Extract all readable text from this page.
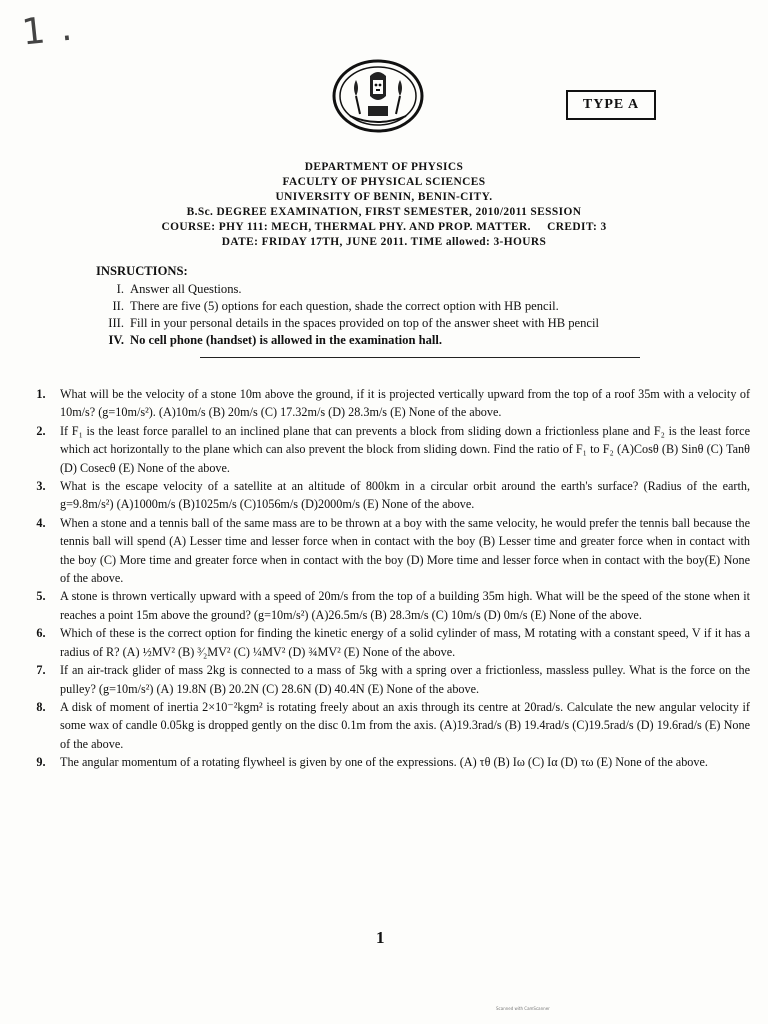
1 .
TYPE A
DEPARTMENT OF PHYSICS
FACULTY OF PHYSICAL SCIENCES
UNIVERSITY OF BENIN, BENIN-CITY.
B.Sc. DEGREE EXAMINATION, FIRST SEMESTER, 2010/2011 SESSION
COURSE: PHY 111: MECH, THERMAL PHY. AND PROP. MATTER.     CREDIT: 3
DATE: FRIDAY 17TH, JUNE 2011. TIME allowed: 3-HOURS
INSRUCTIONS:
I. Answer all Questions.
II. There are five (5) options for each question, shade the correct option with HB pencil.
III. Fill in your personal details in the spaces provided on top of the answer sheet with HB pencil
IV. No cell phone (handset) is allowed in the examination hall.
1.	What will be the velocity of a stone 10m above the ground, if it is projected vertically upward from the top of a roof 35m with a velocity of 10m/s? (g=10m/s²). (A)10m/s (B) 20m/s (C) 17.32m/s (D) 28.3m/s (E) None of the above.
2.	If F₁ is the least force parallel to an inclined plane that can prevents a block from sliding down a frictionless plane and F₂ is the least force which act horizontally to the plane which can also prevent the block from sliding down. Find the ratio of F₁ to F₂ (A)Cosθ (B) Sinθ (C) Tanθ (D) Cosecθ (E) None of the above.
3.	What is the escape velocity of a satellite at an altitude of 800km in a circular orbit around the earth's surface? (Radius of the earth, g=9.8m/s²) (A)1000m/s (B)1025m/s (C)1056m/s (D)2000m/s (E) None of the above.
4.	When a stone and a tennis ball of the same mass are to be thrown at a boy with the same velocity, he would prefer the tennis ball because the tennis ball will spend (A) Lesser time and lesser force when in contact with the boy (B) Lesser time and greater force when in contact with the boy (C) More time and greater force when in contact with the boy (D) More time and lesser force when in contact with the boy(E) None of the above.
5.	A stone is thrown vertically upward with a speed of 20m/s from the top of a building 35m high. What will be the speed of the stone when it reaches a point 15m above the ground? (g=10m/s²) (A)26.5m/s (B) 28.3m/s (C) 10m/s (D) 0m/s (E) None of the above.
6.	Which of these is the correct option for finding the kinetic energy of a solid cylinder of mass, M rotating with a constant speed, V if it has a radius of R? (A) ½MV² (B) ³⁄₂MV² (C) ¼MV² (D) ¾MV² (E) None of the above.
7.	If an air-track glider of mass 2kg is connected to a mass of 5kg with a spring over a frictionless, massless pulley. What is the force on the pulley? (g=10m/s²) (A) 19.8N (B) 20.2N (C) 28.6N (D) 40.4N (E) None of the above.
8.	A disk of moment of inertia 2×10⁻²kgm² is rotating freely about an axis through its centre at 20rad/s. Calculate the new angular velocity if some wax of candle 0.05kg is dropped gently on the disc 0.1m from the axis. (A)19.3rad/s (B) 19.4rad/s (C)19.5rad/s (D) 19.6rad/s (E) None of the above.
9.	The angular momentum of a rotating flywheel is given by one of the expressions. (A) τθ (B) Iω (C) Iα (D) τω (E) None of the above.
1
Scanned with CamScanner
